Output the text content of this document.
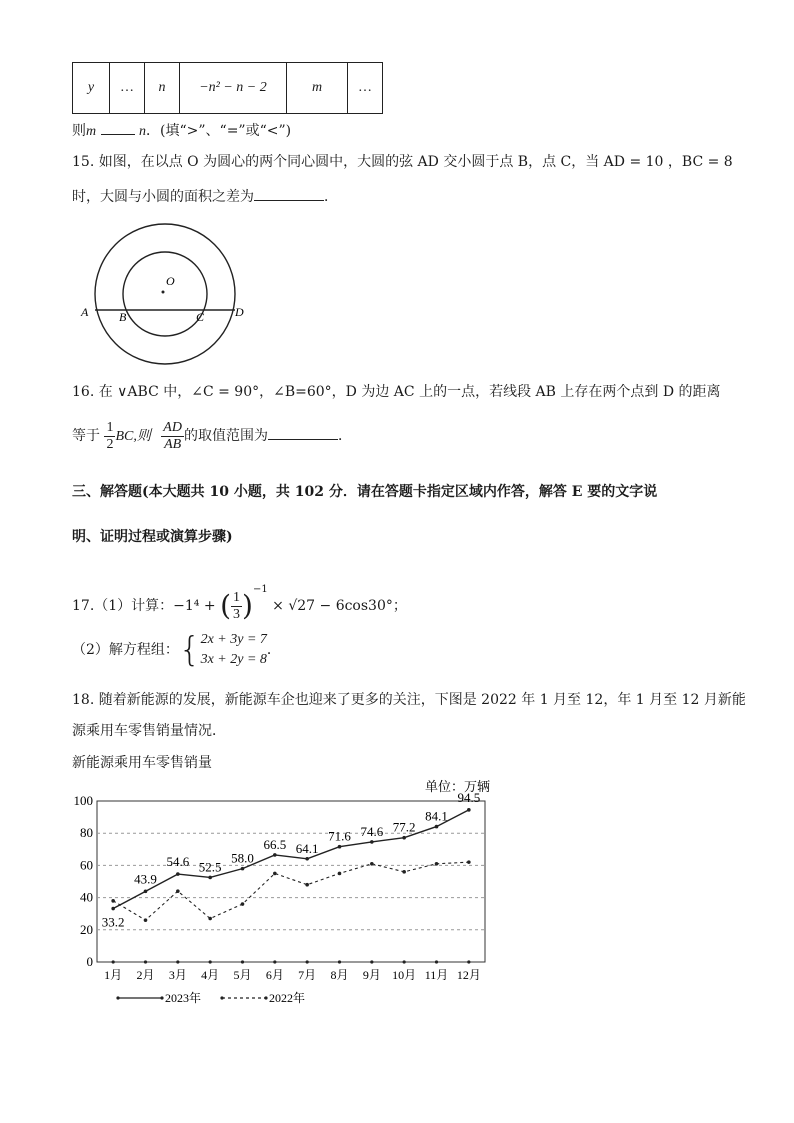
y	…	n	−n² − n − 2	m	…
则m	n．(填“>”、“=”或“<”)
15. 如图，在以点 O 为圆心的两个同心圆中，大圆的弦 AD 交小圆于点 B，点 C，当 AD = 10 ，BC = 8
时，大圆与小圆的面积之差为	．
O
A	B	C	D
16. 在 ∨ABC 中，∠C = 90°，∠B=60°，D 为边 AC 上的一点，若线段 AB 上存在两个点到 D 的距离
等于 $\frac{1}{2}$ BC,则 $\frac{AD}{AB}$ 的取值范围为	．
三、解答题(本大题共 10 小题，共 102 分．请在答题卡指定区域内作答，解答 E 要的文字说
明、证明过程或演算步骤)
17.（1）计算：−1⁴ + ( $\frac{1}{3} )^{-1} \times √27 - 6\cos 30^\circ$；
（2）解方程组：{ 2x + 3y = 7
3x + 2y = 8
．
18. 随着新能源的发展，新能源车企也迎来了更多的关注，下图是 2022 年 1 月至 12，年 1 月至 12 月新能
源乘用车零售销量情况．
新能源乘用车零售销量
0
20
40
60
80
100
1月 2月 3月 4月 5月 6月 7月 8月 9月 10月 11月 12月
单位：万辆
33.2
43.9
54.6 52.5
58.0
66.5 64.1
71.6 74.6 77.2
84.1
94.5
2023年	2022年
